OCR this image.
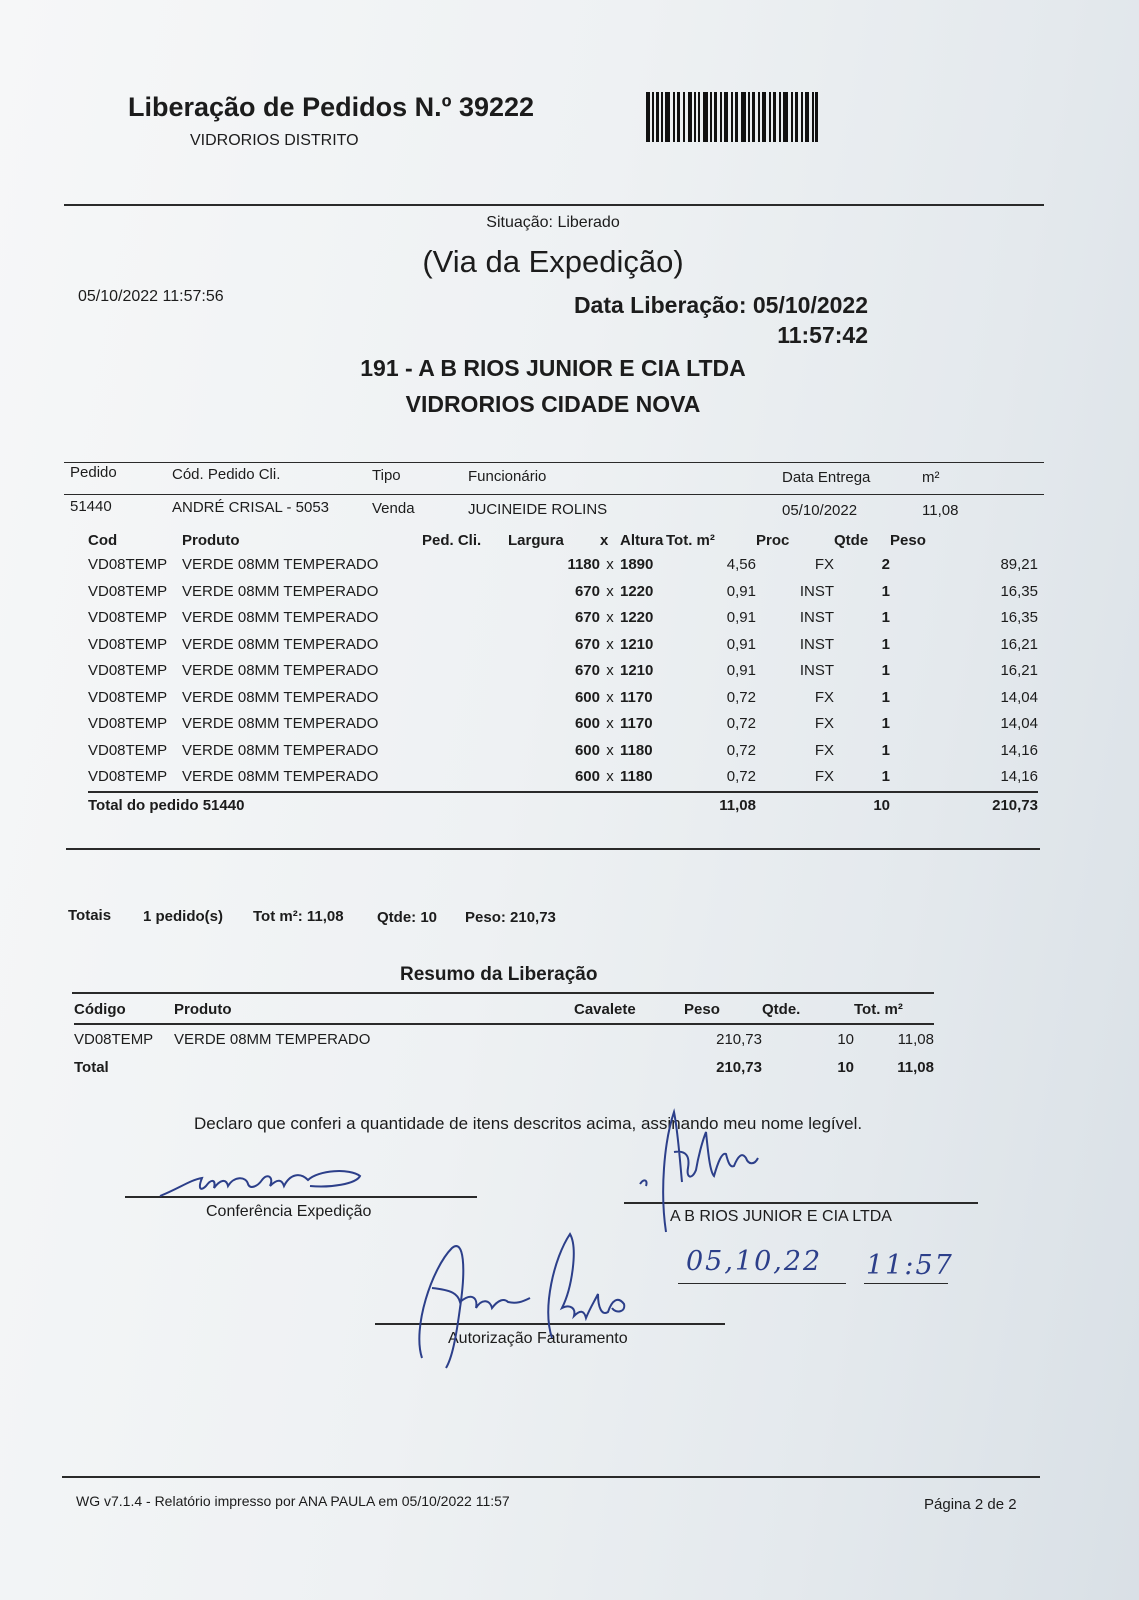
Liberação de Pedidos N.º 39222
VIDRORIOS DISTRITO
Situação: Liberado
(Via da Expedição)
05/10/2022 11:57:56	Data Liberação: 05/10/2022
11:57:42
191 - A B RIOS JUNIOR E CIA LTDA
VIDRORIOS CIDADE NOVA
Pedido	Cód. Pedido Cli.	Tipo	Funcionário	Data Entrega	m²
51440	ANDRÉ CRISAL - 5053	Venda	JUCINEIDE ROLINS	05/10/2022	11,08
Cod	Produto	Ped. Cli.	Largura	x	Altura	Tot. m²	Proc	Qtde	Peso
VD08TEMP	VERDE 08MM TEMPERADO		1180	x	1890	4,56	FX	2	89,21
VD08TEMP	VERDE 08MM TEMPERADO		670	x	1220	0,91	INST	1	16,35
VD08TEMP	VERDE 08MM TEMPERADO		670	x	1220	0,91	INST	1	16,35
VD08TEMP	VERDE 08MM TEMPERADO		670	x	1210	0,91	INST	1	16,21
VD08TEMP	VERDE 08MM TEMPERADO		670	x	1210	0,91	INST	1	16,21
VD08TEMP	VERDE 08MM TEMPERADO		600	x	1170	0,72	FX	1	14,04
VD08TEMP	VERDE 08MM TEMPERADO		600	x	1170	0,72	FX	1	14,04
VD08TEMP	VERDE 08MM TEMPERADO		600	x	1180	0,72	FX	1	14,16
VD08TEMP	VERDE 08MM TEMPERADO		600	x	1180	0,72	FX	1	14,16
Total do pedido 51440						11,08		10	210,73
Totais 1 pedido(s) Tot m²: 11,08 Qtde: 10 Peso: 210,73
Resumo da Liberação
Código	Produto	Cavalete	Peso	Qtde.	Tot. m²
VD08TEMP	VERDE 08MM TEMPERADO		210,73	10	11,08
Total			210,73	10	11,08
Declaro que conferi a quantidade de itens descritos acima, assinando meu nome legível.
Conferência Expedição	A B RIOS JUNIOR E CIA LTDA
Autorização Faturamento
05,10,22 11:57
WG v7.1.4 - Relatório impresso por ANA PAULA em 05/10/2022 11:57	Página 2 de 2
